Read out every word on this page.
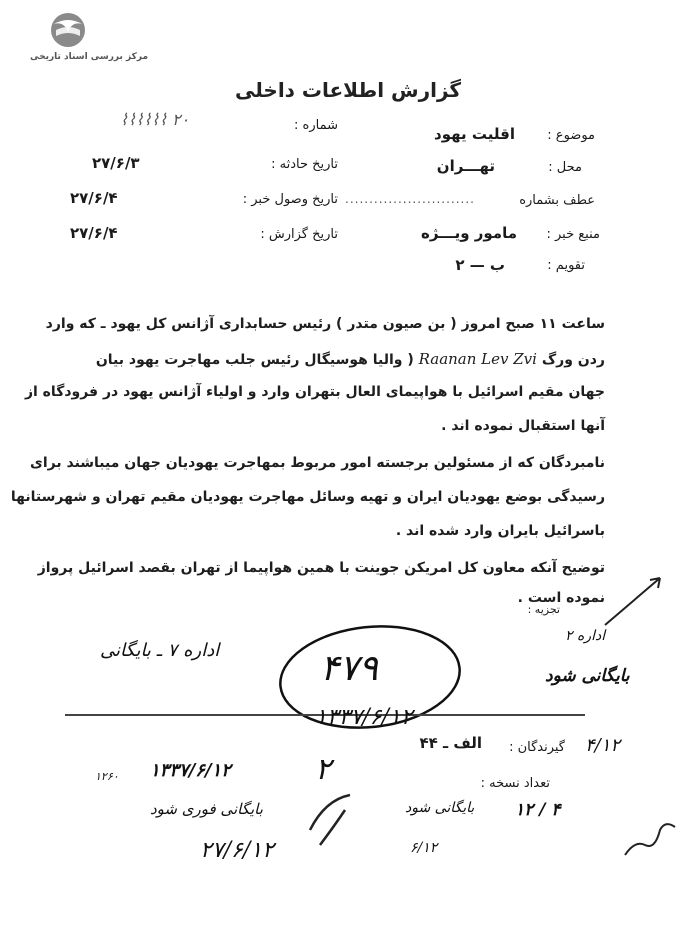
مرکز بررسی اسناد تاریخی
گزارش اطلاعات داخلی
موضوع :
اقلیت یهود
محل :
تهـــران
عطف بشماره
...........................
منبع خبر :
مامور ویـــژه
تقویم :
ب — ۲
شماره :
⌇⌇⌇⌇⌇⌇ ۲۰
تاریخ حادثه :
۲۷/۶/۳
تاریخ وصول خبر :
۲۷/۶/۴
تاریخ گزارش :
۲۷/۶/۴
ساعت ۱۱ صبح امروز ( بن صیون متدر ) رئیس حسابداری آژانس کل یهود ـ که وارد
ردن ورگ Raanan Lev Zvi ( والیا هوسیگال رئیس جلب مهاجرت یهود بیان
جهان مقیم اسرائیل با هواپیمای العال بتهران وارد و اولیاء آژانس یهود در فرودگاه از
آنها استقبال نموده اند .
نامبردگان که از مسئولین برجسته امور مربوط بمهاجرت یهودیان جهان میباشند برای
رسیدگی بوضع یهودیان ایران و تهیه وسائل مهاجرت یهودیان مقیم تهران و شهرستانها
باسرائیل بایران وارد شده اند .
توضیح آنکه معاون کل امریکن جوینت با همین هواپیما از تهران بقصد اسرائیل پرواز
نموده است .
تجزیه :
اداره ۲
بایگانی شود
۴/۱۲
اداره ۷ ـ بایگانی	۴۷۹
۱۳۳۷/۶/۱۲
گیرندگان :
الف ـ ۴۴
تعداد نسخه :
۱۳۳۷/۶/۱۲
۱۲۶۰	۲
بایگانی فوری شود
۲۷/۶/۱۲
بایگانی شود
۶/۱۲
۱۲ / ۴
